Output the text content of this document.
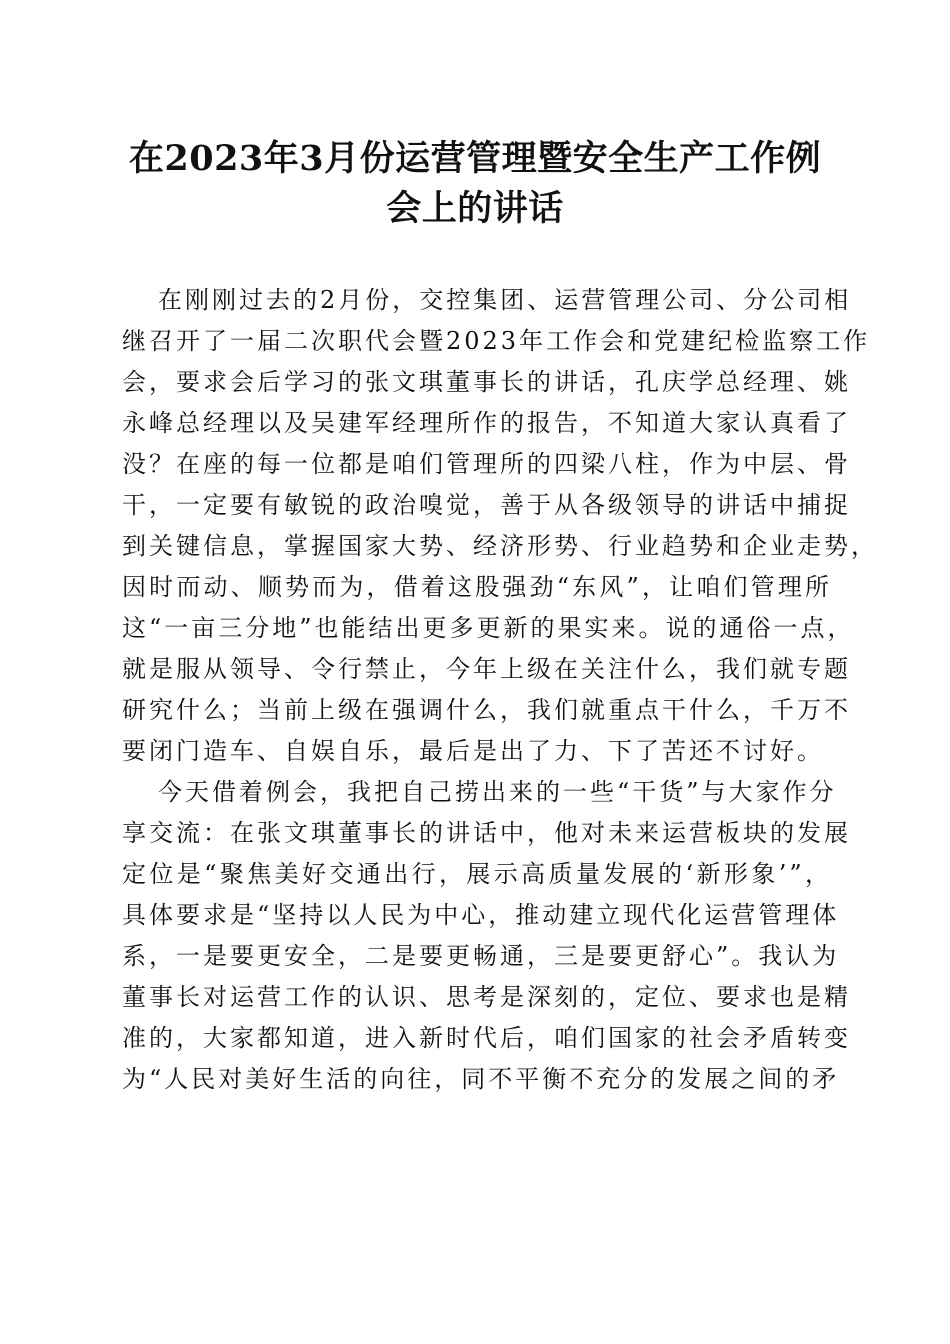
在2023年3月份运营管理暨安全生产工作例
会上的讲话
在刚刚过去的2月份，交控集团、运营管理公司、分公司相
继召开了一届二次职代会暨2023年工作会和党建纪检监察工作
会，要求会后学习的张文琪董事长的讲话，孔庆学总经理、姚
永峰总经理以及吴建军经理所作的报告，不知道大家认真看了
没？在座的每一位都是咱们管理所的四梁八柱，作为中层、骨
干，一定要有敏锐的政治嗅觉，善于从各级领导的讲话中捕捉
到关键信息，掌握国家大势、经济形势、行业趋势和企业走势，
因时而动、顺势而为，借着这股强劲“东风”，让咱们管理所
这“一亩三分地”也能结出更多更新的果实来。说的通俗一点，
就是服从领导、令行禁止，今年上级在关注什么，我们就专题
研究什么；当前上级在强调什么，我们就重点干什么，千万不
要闭门造车、自娱自乐，最后是出了力、下了苦还不讨好。
今天借着例会，我把自己捞出来的一些“干货”与大家作分
享交流：在张文琪董事长的讲话中，他对未来运营板块的发展
定位是“聚焦美好交通出行，展示高质量发展的‘新形象’”，
具体要求是“坚持以人民为中心，推动建立现代化运营管理体
系，一是要更安全，二是要更畅通，三是要更舒心”。我认为
董事长对运营工作的认识、思考是深刻的，定位、要求也是精
准的，大家都知道，进入新时代后，咱们国家的社会矛盾转变
为“人民对美好生活的向往，同不平衡不充分的发展之间的矛
